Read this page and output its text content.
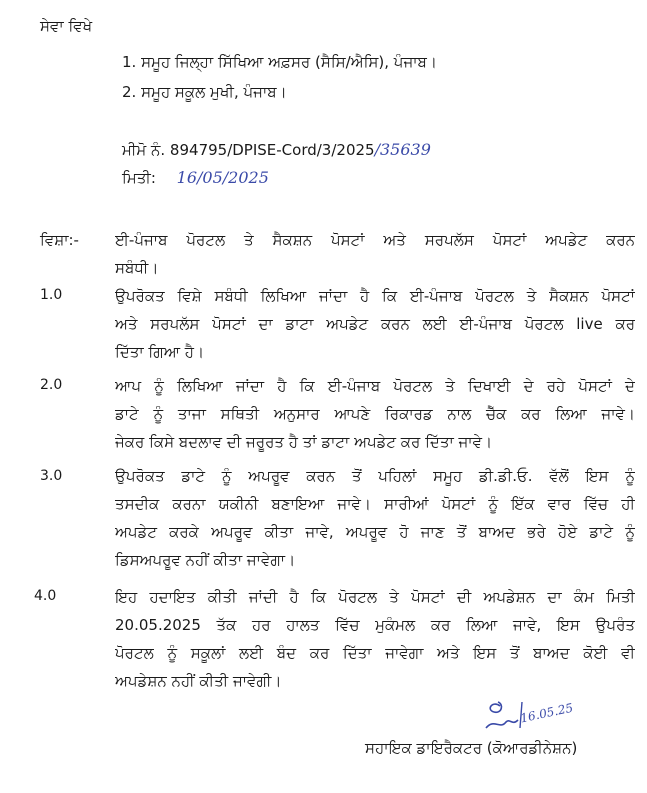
ਸੇਵਾ ਵਿਖੇ
1. ਸਮੂਹ ਜਿਲ੍ਹਾ ਸਿੱਖਿਆ ਅਫ਼ਸਰ (ਸੈਸਿ/ਐਸਿ), ਪੰਜਾਬ।
2. ਸਮੂਹ ਸਕੂਲ ਮੁਖੀ, ਪੰਜਾਬ।
ਮੀਮੋ ਨੰ. 894795/DPISE-Cord/3/2025/35639
ਮਿਤੀ: 16/05/2025
ਵਿਸ਼ਾ:- ਈ-ਪੰਜਾਬ ਪੋਰਟਲ ਤੇ ਸੈਕਸ਼ਨ ਪੋਸਟਾਂ ਅਤੇ ਸਰਪਲੱਸ ਪੋਸਟਾਂ ਅਪਡੇਟ ਕਰਨ
ਸਬੰਧੀ।
1.0	ਉਪਰੋਕਤ ਵਿਸ਼ੇ ਸਬੰਧੀ ਲਿਖਿਆ ਜਾਂਦਾ ਹੈ ਕਿ ਈ-ਪੰਜਾਬ ਪੋਰਟਲ ਤੇ ਸੈਕਸ਼ਨ ਪੋਸਟਾਂ
ਅਤੇ ਸਰਪਲੱਸ ਪੋਸਟਾਂ ਦਾ ਡਾਟਾ ਅਪਡੇਟ ਕਰਨ ਲਈ ਈ-ਪੰਜਾਬ ਪੋਰਟਲ live ਕਰ
ਦਿੱਤਾ ਗਿਆ ਹੈ।
2.0	ਆਪ ਨੂੰ ਲਿਖਿਆ ਜਾਂਦਾ ਹੈ ਕਿ ਈ-ਪੰਜਾਬ ਪੋਰਟਲ ਤੇ ਦਿਖਾਈ ਦੇ ਰਹੇ ਪੋਸਟਾਂ ਦੇ
ਡਾਟੇ ਨੂੰ ਤਾਜਾ ਸਥਿਤੀ ਅਨੁਸਾਰ ਆਪਣੇ ਰਿਕਾਰਡ ਨਾਲ ਚੈੱਕ ਕਰ ਲਿਆ ਜਾਵੇ।
ਜੇਕਰ ਕਿਸੇ ਬਦਲਾਵ ਦੀ ਜਰੂਰਤ ਹੈ ਤਾਂ ਡਾਟਾ ਅਪਡੇਟ ਕਰ ਦਿੱਤਾ ਜਾਵੇ।
3.0	ਉਪਰੋਕਤ ਡਾਟੇ ਨੂੰ ਅਪਰੂਵ ਕਰਨ ਤੋਂ ਪਹਿਲਾਂ ਸਮੂਹ ਡੀ.ਡੀ.ਓ. ਵੱਲੋਂ ਇਸ ਨੂੰ
ਤਸਦੀਕ ਕਰਨਾ ਯਕੀਨੀ ਬਣਾਇਆ ਜਾਵੇ। ਸਾਰੀਆਂ ਪੋਸਟਾਂ ਨੂੰ ਇੱਕ ਵਾਰ ਵਿੱਚ ਹੀ
ਅਪਡੇਟ ਕਰਕੇ ਅਪਰੂਵ ਕੀਤਾ ਜਾਵੇ, ਅਪਰੂਵ ਹੋ ਜਾਣ ਤੋਂ ਬਾਅਦ ਭਰੇ ਹੋਏ ਡਾਟੇ ਨੂੰ
ਡਿਸਅਪਰੂਵ ਨਹੀਂ ਕੀਤਾ ਜਾਵੇਗਾ।
4.0	ਇਹ ਹਦਾਇਤ ਕੀਤੀ ਜਾਂਦੀ ਹੈ ਕਿ ਪੋਰਟਲ ਤੇ ਪੋਸਟਾਂ ਦੀ ਅਪਡੇਸ਼ਨ ਦਾ ਕੰਮ ਮਿਤੀ
20.05.2025 ਤੱਕ ਹਰ ਹਾਲਤ ਵਿੱਚ ਮੁਕੰਮਲ ਕਰ ਲਿਆ ਜਾਵੇ, ਇਸ ਉਪਰੰਤ
ਪੋਰਟਲ ਨੂੰ ਸਕੂਲਾਂ ਲਈ ਬੰਦ ਕਰ ਦਿੱਤਾ ਜਾਵੇਗਾ ਅਤੇ ਇਸ ਤੋਂ ਬਾਅਦ ਕੋਈ ਵੀ
ਅਪਡੇਸ਼ਨ ਨਹੀਂ ਕੀਤੀ ਜਾਵੇਗੀ।
16.05.25
ਸਹਾਇਕ ਡਾਇਰੈਕਟਰ (ਕੋਆਰਡੀਨੇਸ਼ਨ)
